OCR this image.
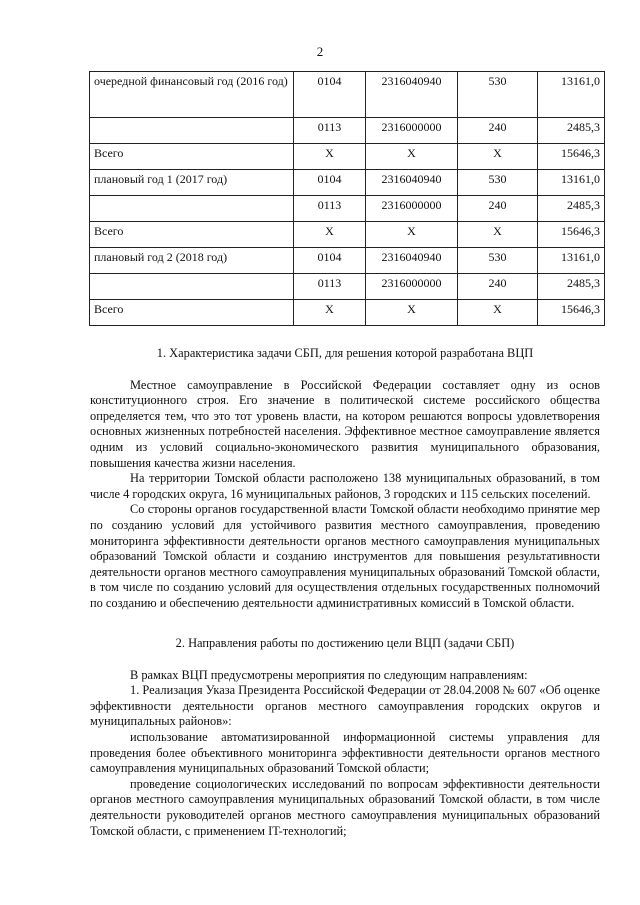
2
очередной финансовый год (2016 год)	0104	2316040940	530	13161,0
	0113	2316000000	240	2485,3
Всего	Х	Х	Х	15646,3
плановый год 1 (2017 год)	0104	2316040940	530	13161,0
	0113	2316000000	240	2485,3
Всего	Х	Х	Х	15646,3
плановый год 2 (2018 год)	0104	2316040940	530	13161,0
	0113	2316000000	240	2485,3
Всего	Х	Х	Х	15646,3

1. Характеристика задачи СБП, для решения которой разработана ВЦП

Местное самоуправление в Российской Федерации составляет одну из основ конституционного строя. Его значение в политической системе российского общества определяется тем, что это тот уровень власти, на котором решаются вопросы удовлетворения основных жизненных потребностей населения. Эффективное местное самоуправление является одним из условий социально-экономического развития муниципального образования, повышения качества жизни населения.

На территории Томской области расположено 138 муниципальных образований, в том числе 4 городских округа, 16 муниципальных районов, 3 городских и 115 сельских поселений.

Со стороны органов государственной власти Томской области необходимо принятие мер по созданию условий для устойчивого развития местного самоуправления, проведению мониторинга эффективности деятельности органов местного самоуправления муниципальных образований Томской области и созданию инструментов для повышения результативности деятельности органов местного самоуправления муниципальных образований Томской области, в том числе по созданию условий для осуществления отдельных государственных полномочий по созданию и обеспечению деятельности административных комиссий в Томской области.

2. Направления работы по достижению цели ВЦП (задачи СБП)

В рамках ВЦП предусмотрены мероприятия по следующим направлениям:

1. Реализация Указа Президента Российской Федерации от 28.04.2008 № 607 «Об оценке эффективности деятельности органов местного самоуправления городских округов и муниципальных районов»:

использование автоматизированной информационной системы управления для проведения более объективного мониторинга эффективности деятельности органов местного самоуправления муниципальных образований Томской области;

проведение социологических исследований по вопросам эффективности деятельности органов местного самоуправления муниципальных образований Томской области, в том числе деятельности руководителей органов местного самоуправления муниципальных образований Томской области, с применением IT-технологий;
